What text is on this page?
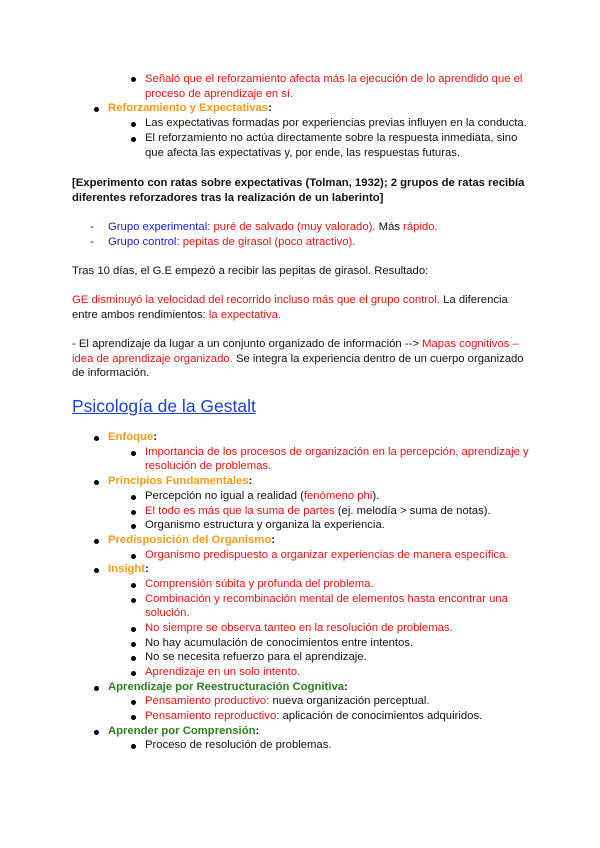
Señaló que el reforzamiento afecta más la ejecución de lo aprendido que el
proceso de aprendizaje en sí.
Reforzamiento y Expectativas:
Las expectativas formadas por experiencias previas influyen en la conducta.
El reforzamiento no actúa directamente sobre la respuesta inmediata, sino
que afecta las expectativas y, por ende, las respuestas futuras.
[Experimento con ratas sobre expectativas (Tolman, 1932); 2 grupos de ratas recibía
diferentes reforzadores tras la realización de un laberinto]
- Grupo experimental: puré de salvado (muy valorado). Más rápido.
- Grupo control: pepitas de girasol (poco atractivo).
Tras 10 días, el G.E empezó a recibir las pepitas de girasol. Resultado:
GE disminuyó la velocidad del recorrido incluso más que el grupo control. La diferencia
entre ambos rendimientos: la expectativa.
- El aprendizaje da lugar a un conjunto organizado de información --> Mapas cognitivos –
idea de aprendizaje organizado. Se integra la experiencia dentro de un cuerpo organizado
de información.
Psicología de la Gestalt
Enfoque:
Importancia de los procesos de organización en la percepción, aprendizaje y
resolución de problemas.
Principios Fundamentales:
Percepción no igual a realidad (fenómeno phi).
El todo es más que la suma de partes (ej. melodía > suma de notas).
Organismo estructura y organiza la experiencia.
Predisposición del Organismo:
Organismo predispuesto a organizar experiencias de manera específica.
Insight:
Comprensión súbita y profunda del problema.
Combinación y recombinación mental de elementos hasta encontrar una
solución.
No siempre se observa tanteo en la resolución de problemas.
No hay acumulación de conocimientos entre intentos.
No se necesita refuerzo para el aprendizaje.
Aprendizaje en un solo intento.
Aprendizaje por Reestructuración Cognitiva:
Pensamiento productivo: nueva organización perceptual.
Pensamiento reproductivo: aplicación de conocimientos adquiridos.
Aprender por Comprensión:
Proceso de resolución de problemas.
